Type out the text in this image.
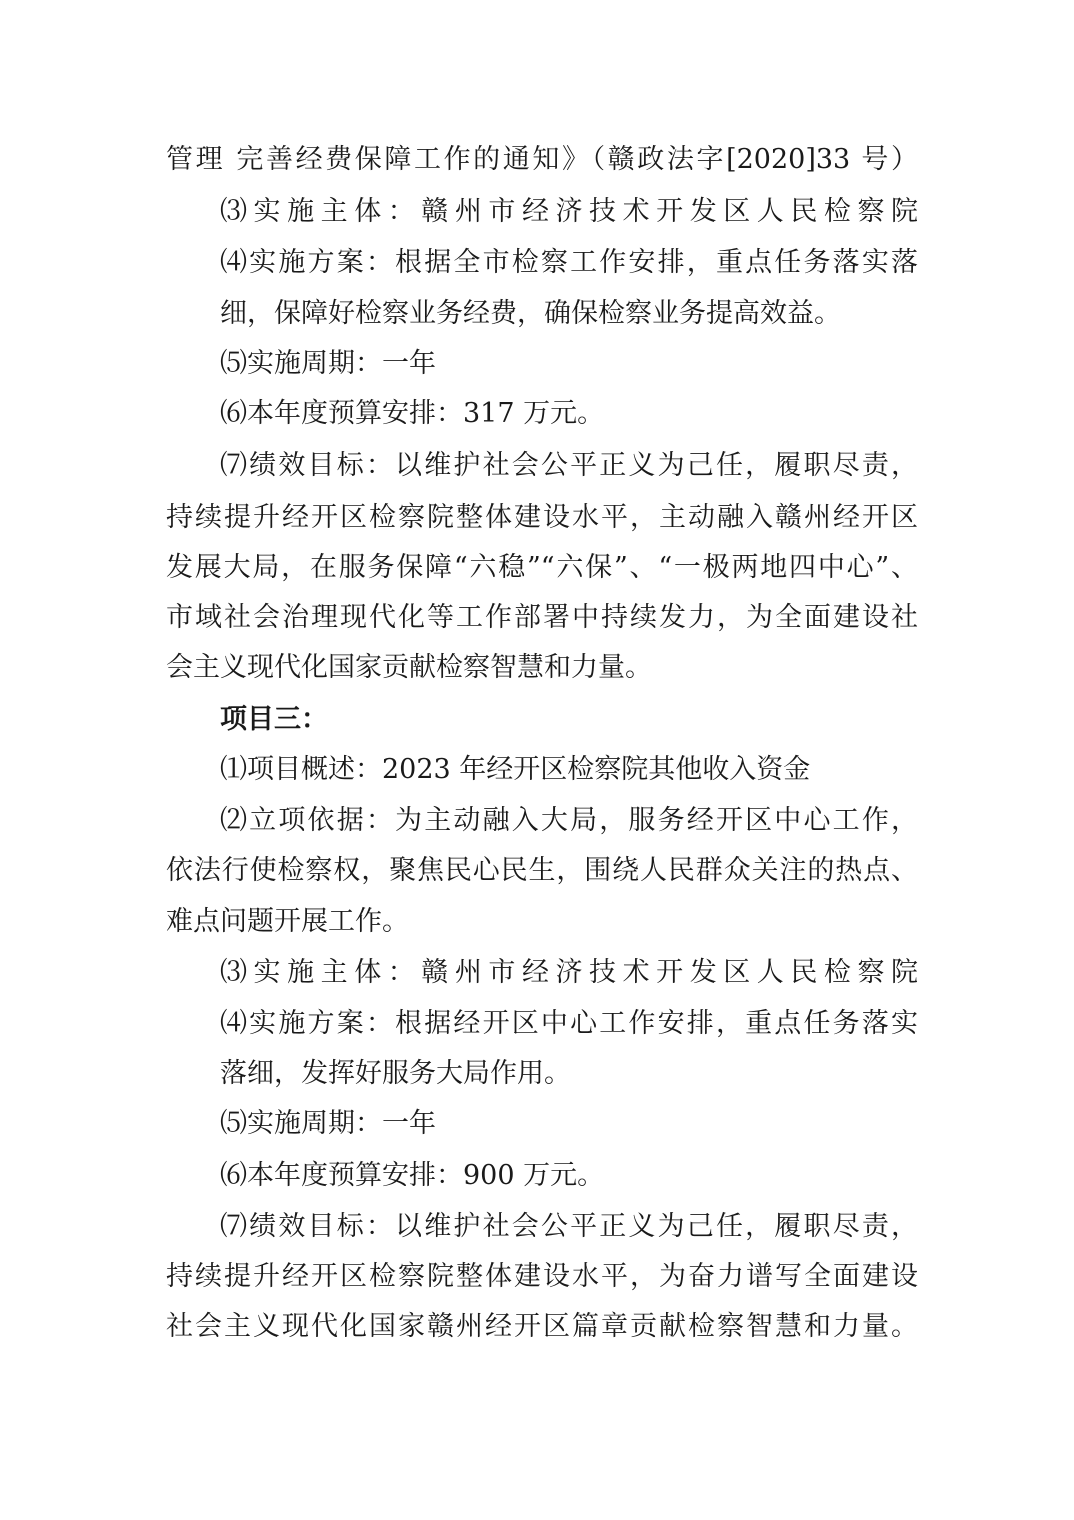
管理 完善经费保障工作的通知》（赣政法字[2020]33 号）
⑶实施主体：赣州市经济技术开发区人民检察院
⑷实施方案：根据全市检察工作安排，重点任务落实落
细，保障好检察业务经费，确保检察业务提高效益。
⑸实施周期：一年
⑹本年度预算安排：317 万元。
⑺绩效目标：以维护社会公平正义为己任，履职尽责，
持续提升经开区检察院整体建设水平，主动融入赣州经开区
发展大局，在服务保障“六稳”“六保”、“一极两地四中心”、
市域社会治理现代化等工作部署中持续发力，为全面建设社
会主义现代化国家贡献检察智慧和力量。
项目三：
⑴项目概述：2023 年经开区检察院其他收入资金
⑵立项依据：为主动融入大局，服务经开区中心工作，
依法行使检察权，聚焦民心民生，围绕人民群众关注的热点、
难点问题开展工作。
⑶实施主体：赣州市经济技术开发区人民检察院
⑷实施方案：根据经开区中心工作安排，重点任务落实
落细，发挥好服务大局作用。
⑸实施周期：一年
⑹本年度预算安排：900 万元。
⑺绩效目标：以维护社会公平正义为己任，履职尽责，
持续提升经开区检察院整体建设水平，为奋力谱写全面建设
社会主义现代化国家赣州经开区篇章贡献检察智慧和力量。
